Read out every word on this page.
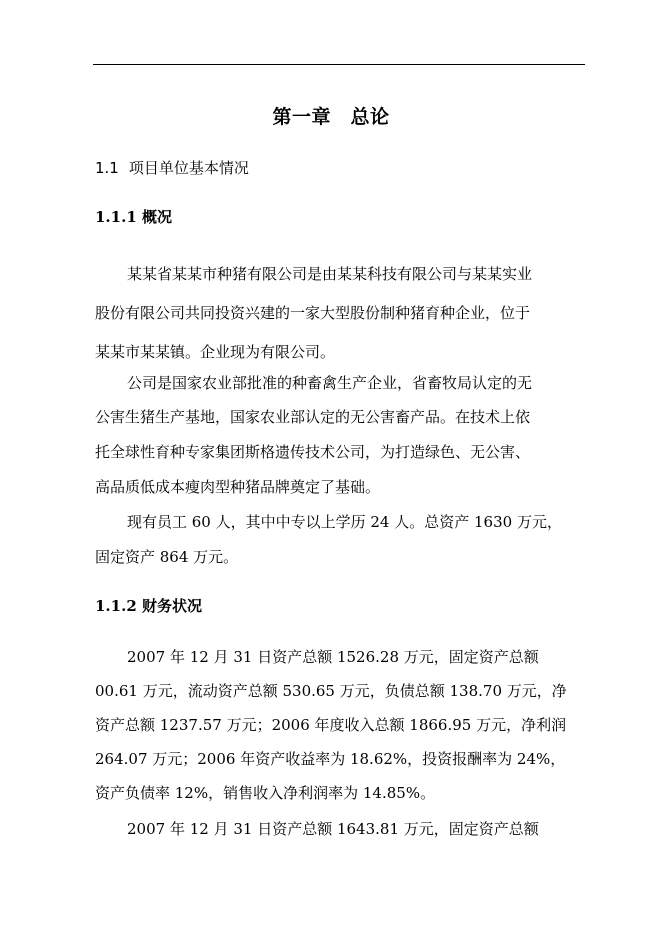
第一章　总论
1.1 项目单位基本情况
1.1.1 概况
某某省某某市种猪有限公司是由某某科技有限公司与某某实业
股份有限公司共同投资兴建的一家大型股份制种猪育种企业，位于
某某市某某镇。企业现为有限公司。
公司是国家农业部批准的种畜禽生产企业，省畜牧局认定的无
公害生猪生产基地，国家农业部认定的无公害畜产品。在技术上依
托全球性育种专家集团斯格遗传技术公司，为打造绿色、无公害、
高品质低成本瘦肉型种猪品牌奠定了基础。
现有员工 60 人，其中中专以上学历 24 人。总资产 1630 万元，
固定资产 864 万元。
1.1.2 财务状况
2007 年 12 月 31 日资产总额 1526.28 万元，固定资产总额
00.61 万元，流动资产总额 530.65 万元，负债总额 138.70 万元，净
资产总额 1237.57 万元；2006 年度收入总额 1866.95 万元，净利润
264.07 万元；2006 年资产收益率为 18.62%，投资报酬率为 24%，
资产负债率 12%，销售收入净利润率为 14.85%。
2007 年 12 月 31 日资产总额 1643.81 万元，固定资产总额
